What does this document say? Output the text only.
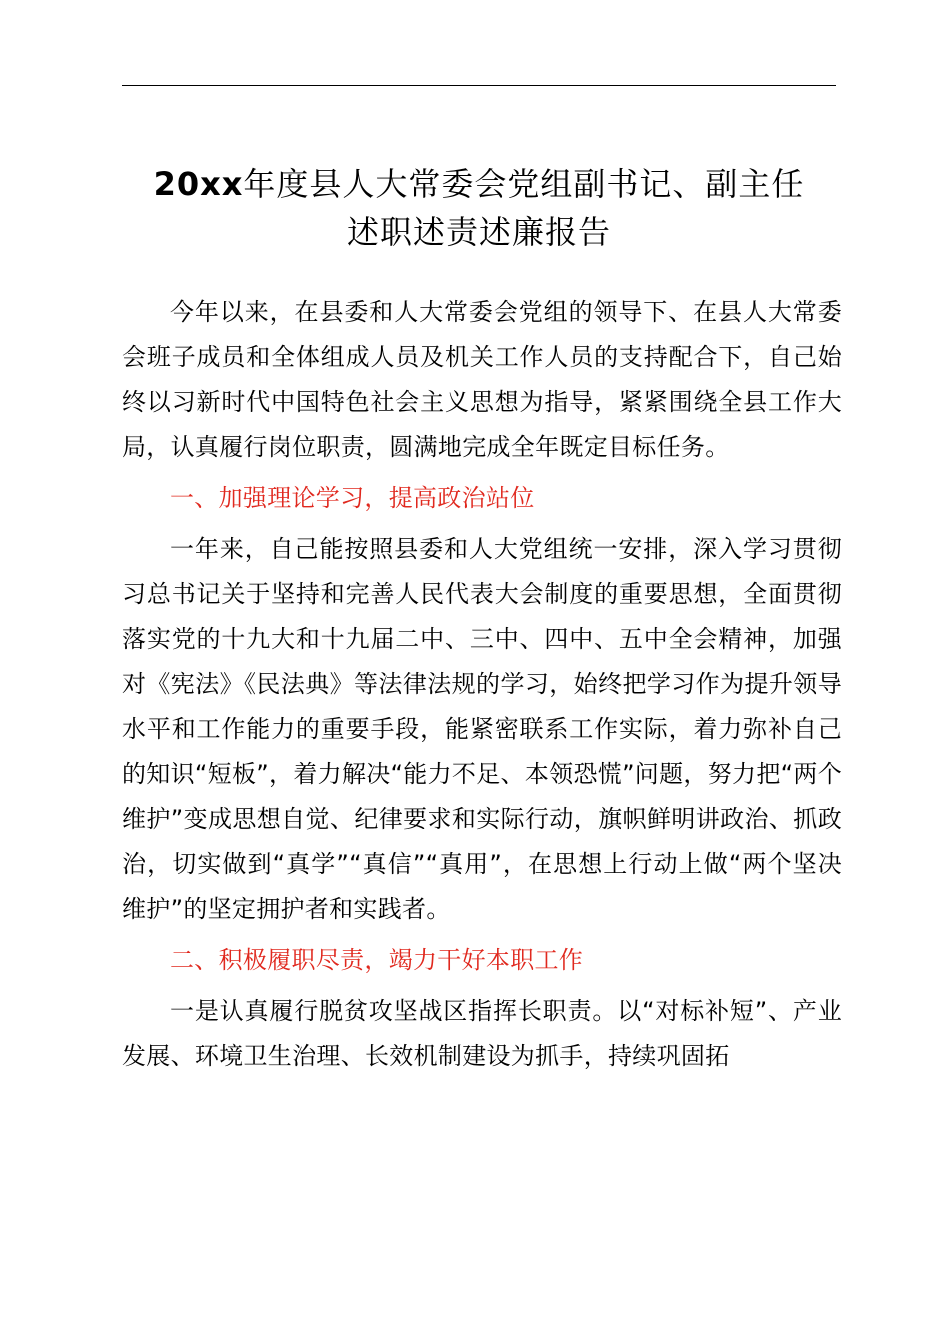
20xx年度县人大常委会党组副书记、副主任
述职述责述廉报告

今年以来，在县委和人大常委会党组的领导下、在县人大常委会班子成员和全体组成人员及机关工作人员的支持配合下，自己始终以习新时代中国特色社会主义思想为指导，紧紧围绕全县工作大局，认真履行岗位职责，圆满地完成全年既定目标任务。

一、加强理论学习，提高政治站位

一年来，自己能按照县委和人大党组统一安排，深入学习贯彻习总书记关于坚持和完善人民代表大会制度的重要思想，全面贯彻落实党的十九大和十九届二中、三中、四中、五中全会精神，加强对《宪法》《民法典》等法律法规的学习，始终把学习作为提升领导水平和工作能力的重要手段，能紧密联系工作实际，着力弥补自己的知识“短板”，着力解决“能力不足、本领恐慌”问题，努力把“两个维护”变成思想自觉、纪律要求和实际行动，旗帜鲜明讲政治、抓政治，切实做到“真学”“真信”“真用”，在思想上行动上做“两个坚决维护”的坚定拥护者和实践者。

二、积极履职尽责，竭力干好本职工作

一是认真履行脱贫攻坚战区指挥长职责。以“对标补短”、产业发展、环境卫生治理、长效机制建设为抓手，持续巩固拓
